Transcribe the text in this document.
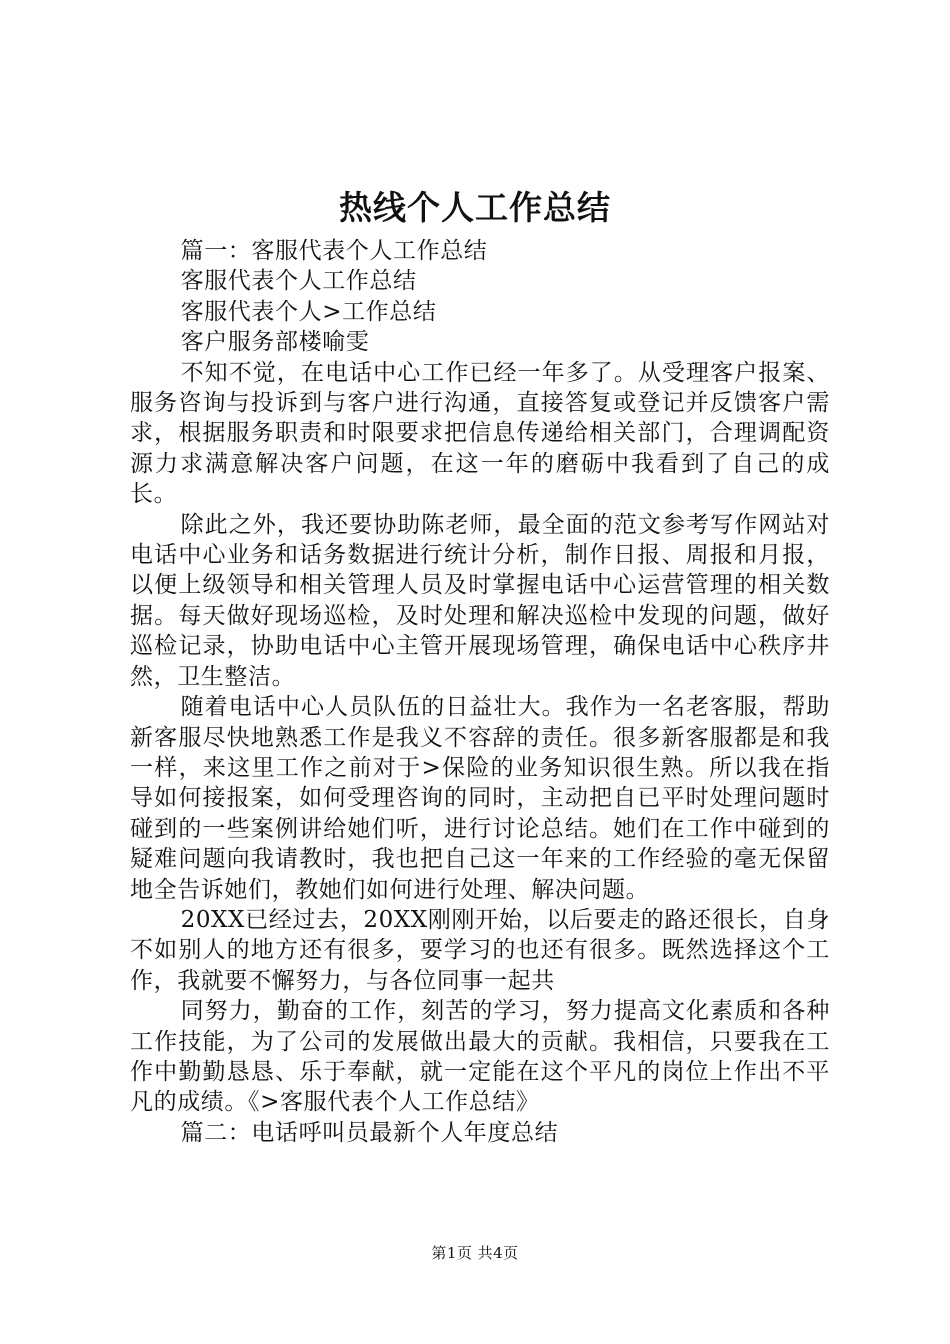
热线个人工作总结

篇一：客服代表个人工作总结

客服代表个人工作总结

客服代表个人>工作总结

客户服务部楼喻雯

不知不觉，在电话中心工作已经一年多了。从受理客户报案、服务咨询与投诉到与客户进行沟通，直接答复或登记并反馈客户需求，根据服务职责和时限要求把信息传递给相关部门，合理调配资源力求满意解决客户问题，在这一年的磨砺中我看到了自己的成长。

除此之外，我还要协助陈老师，最全面的范文参考写作网站对电话中心业务和话务数据进行统计分析，制作日报、周报和月报，以便上级领导和相关管理人员及时掌握电话中心运营管理的相关数据。每天做好现场巡检，及时处理和解决巡检中发现的问题，做好巡检记录，协助电话中心主管开展现场管理，确保电话中心秩序井然，卫生整洁。

随着电话中心人员队伍的日益壮大。我作为一名老客服，帮助新客服尽快地熟悉工作是我义不容辞的责任。很多新客服都是和我一样，来这里工作之前对于>保险的业务知识很生熟。所以我在指导如何接报案，如何受理咨询的同时，主动把自已平时处理问题时碰到的一些案例讲给她们听，进行讨论总结。她们在工作中碰到的疑难问题向我请教时，我也把自己这一年来的工作经验的毫无保留地全告诉她们，教她们如何进行处理、解决问题。

20XX已经过去，20XX刚刚开始，以后要走的路还很长，自身不如别人的地方还有很多，要学习的也还有很多。既然选择这个工作，我就要不懈努力，与各位同事一起共

同努力，勤奋的工作，刻苦的学习，努力提高文化素质和各种工作技能，为了公司的发展做出最大的贡献。我相信，只要我在工作中勤勤恳恳、乐于奉献，就一定能在这个平凡的岗位上作出不平凡的成绩。《>客服代表个人工作总结》

篇二：电话呼叫员最新个人年度总结

第1页 共4页
